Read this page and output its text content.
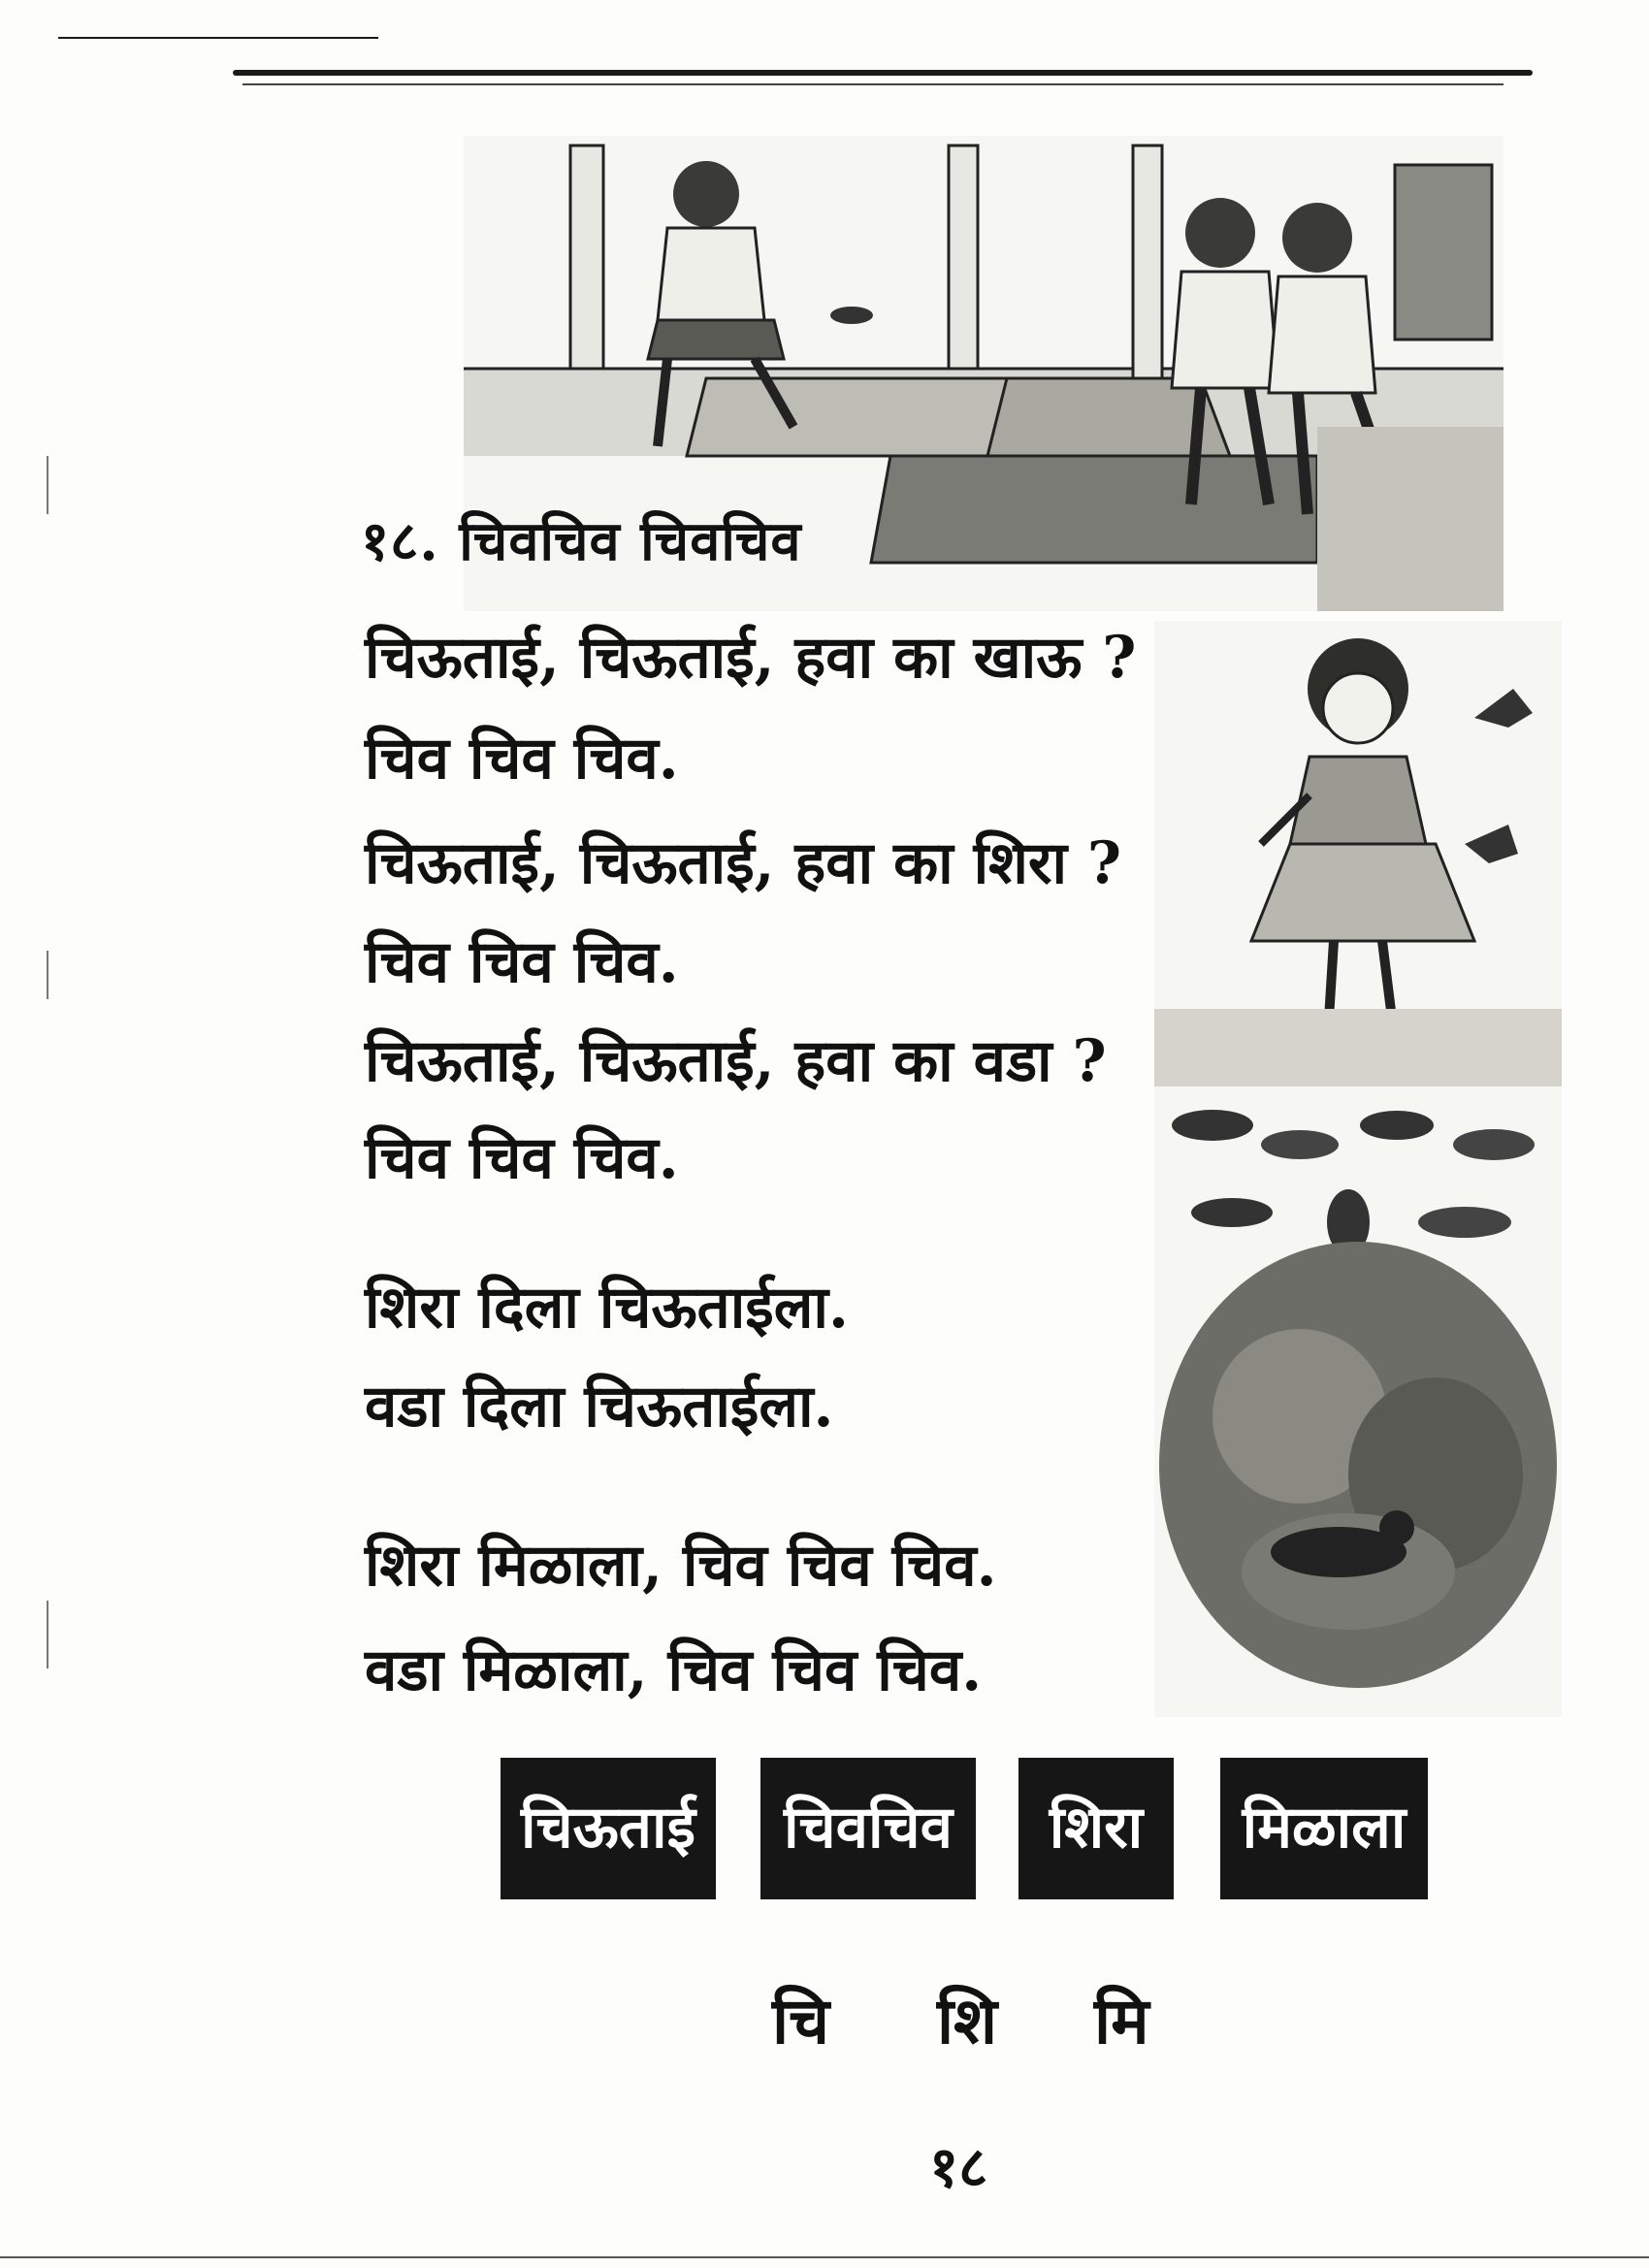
१८. चिवचिव चिवचिव
चिऊताई, चिऊताई, हवा का खाऊ ?
चिव चिव चिव.
चिऊताई, चिऊताई, हवा का शिरा ?
चिव चिव चिव.
चिऊताई, चिऊताई, हवा का वडा ?
चिव चिव चिव.
शिरा दिला चिऊताईला.
वडा दिला चिऊताईला.
शिरा मिळाला, चिव चिव चिव.
वडा मिळाला, चिव चिव चिव.
चिऊताई	चिवचिव	शिरा	मिळाला
चि शि मि
१८
